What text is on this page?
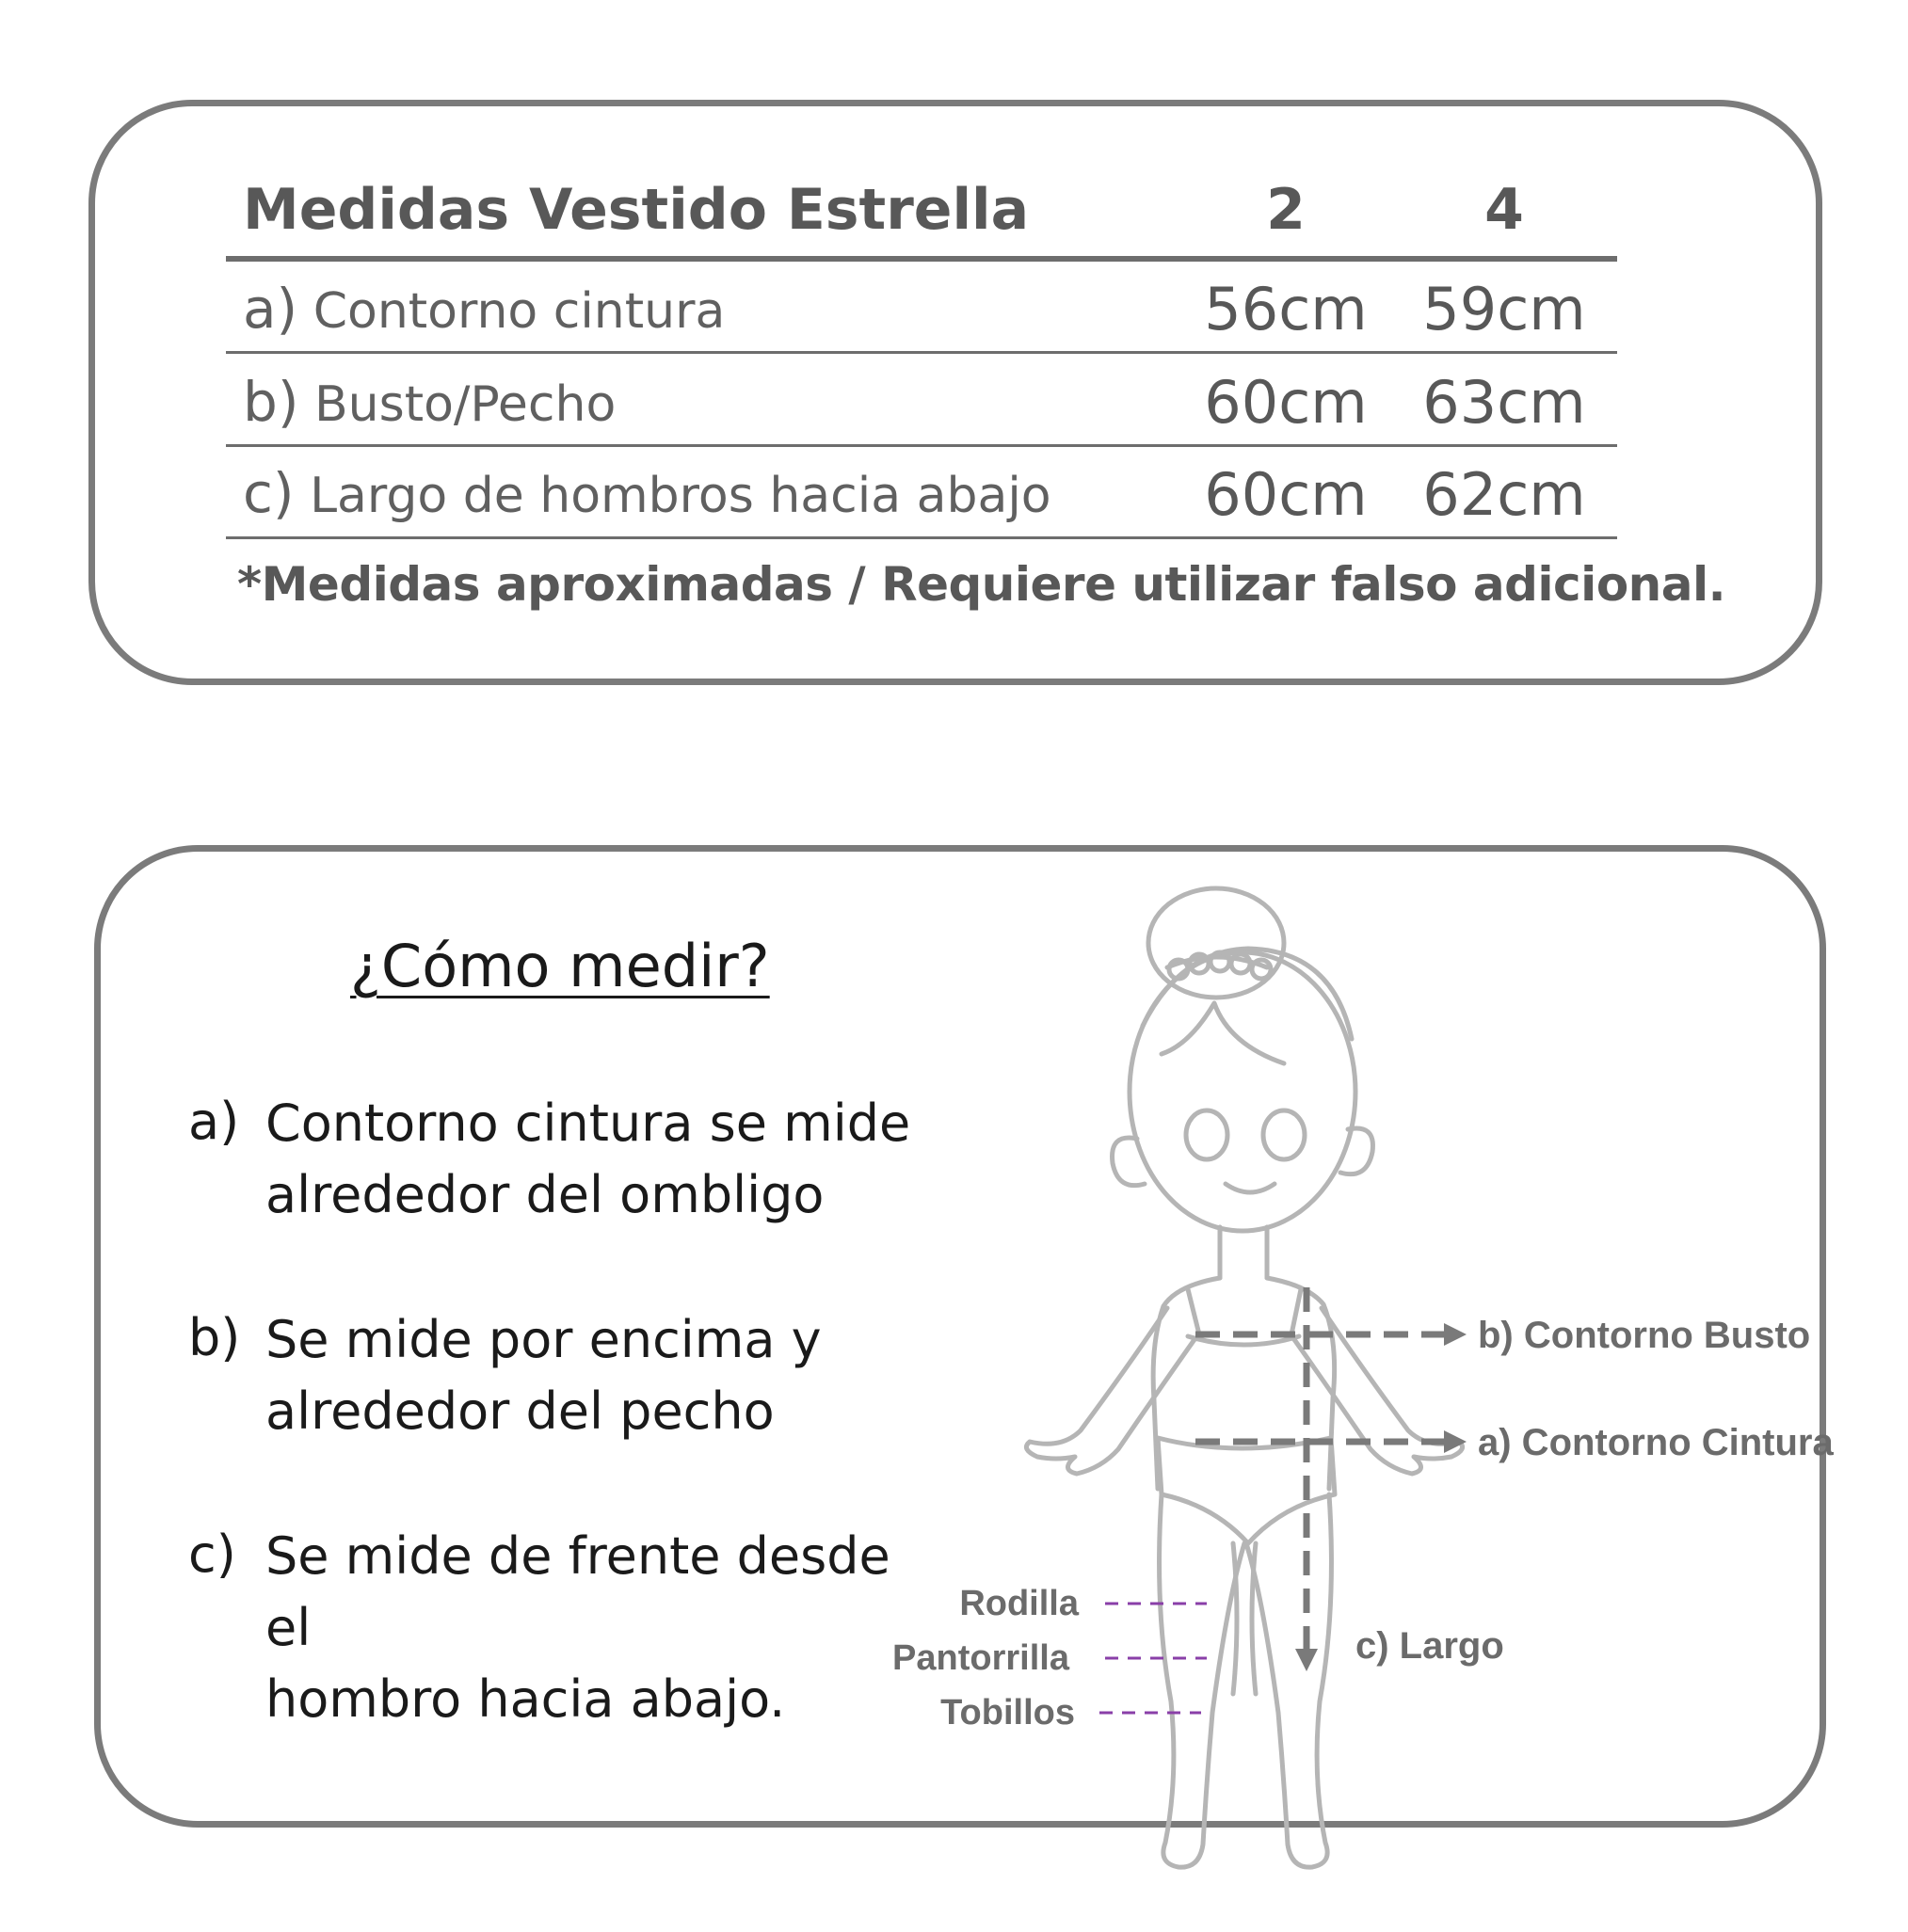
Medidas Vestido Estrella	2	4
a) Contorno cintura	56cm 59cm
b) Busto/Pecho	60cm 63cm
c) Largo de hombros hacia abajo	60cm 62cm
*Medidas aproximadas / Requiere utilizar falso adicional.
¿Cómo medir?
a) Contorno cintura se mide
alrededor del ombligo
b) Se mide por encima y
alrededor del pecho
c) Se mide de frente desde el
hombro hacia abajo.
b) Contorno Busto
a) Contorno Cintura
c) Largo
Rodilla
Pantorrilla
Tobillos
